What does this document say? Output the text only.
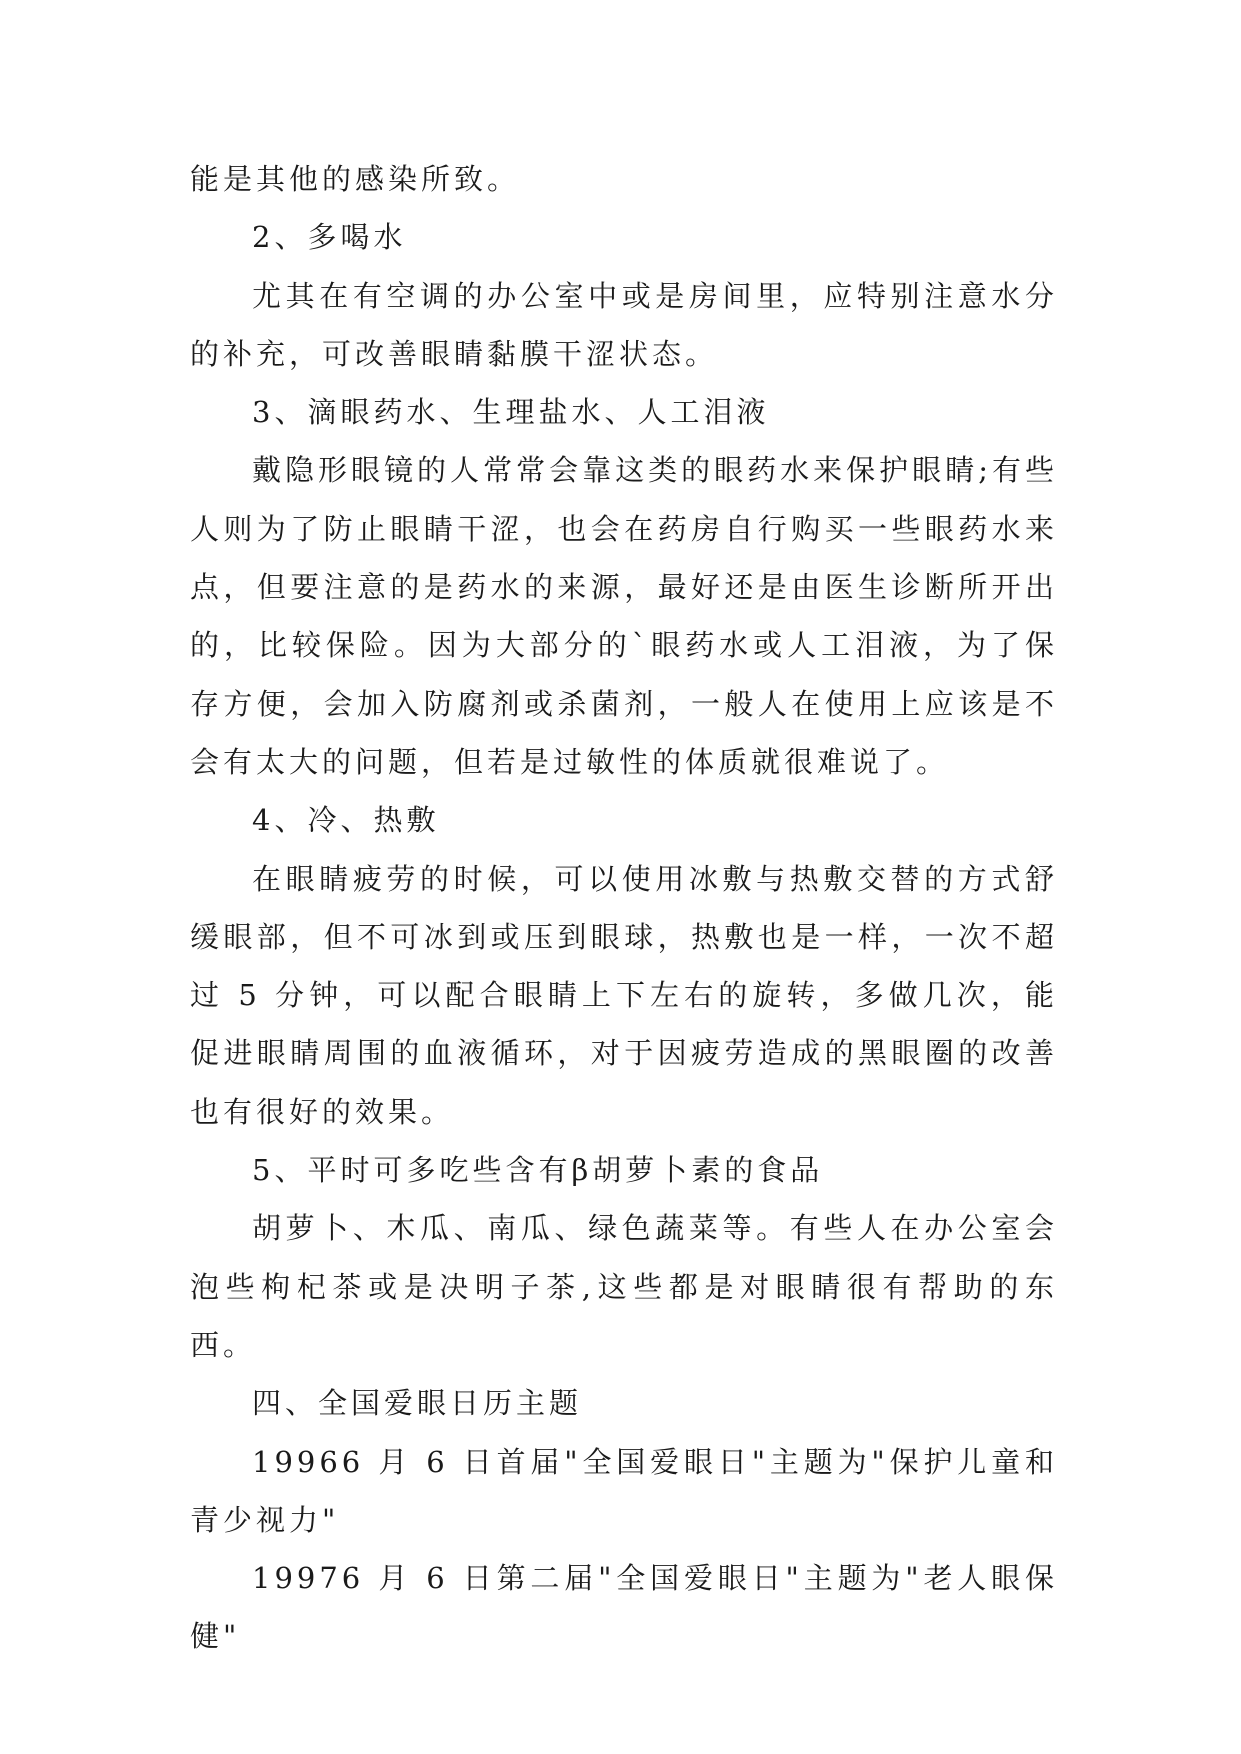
能是其他的感染所致。

2、多喝水

尤其在有空调的办公室中或是房间里，应特别注意水分的补充，可改善眼睛黏膜干涩状态。

3、滴眼药水、生理盐水、人工泪液

戴隐形眼镜的人常常会靠这类的眼药水来保护眼睛;有些人则为了防止眼睛干涩，也会在药房自行购买一些眼药水来点，但要注意的是药水的来源，最好还是由医生诊断所开出的，比较保险。因为大部分的`眼药水或人工泪液，为了保存方便，会加入防腐剂或杀菌剂，一般人在使用上应该是不会有太大的问题，但若是过敏性的体质就很难说了。

4、冷、热敷

在眼睛疲劳的时候，可以使用冰敷与热敷交替的方式舒缓眼部，但不可冰到或压到眼球，热敷也是一样，一次不超过 5 分钟，可以配合眼睛上下左右的旋转，多做几次，能促进眼睛周围的血液循环，对于因疲劳造成的黑眼圈的改善也有很好的效果。

5、平时可多吃些含有β胡萝卜素的食品

胡萝卜、木瓜、南瓜、绿色蔬菜等。有些人在办公室会泡些枸杞茶或是决明子茶,这些都是对眼睛很有帮助的东西。

四、全国爱眼日历主题

19966 月 6 日首届"全国爱眼日"主题为"保护儿童和青少视力"

19976 月 6 日第二届"全国爱眼日"主题为"老人眼保健"
